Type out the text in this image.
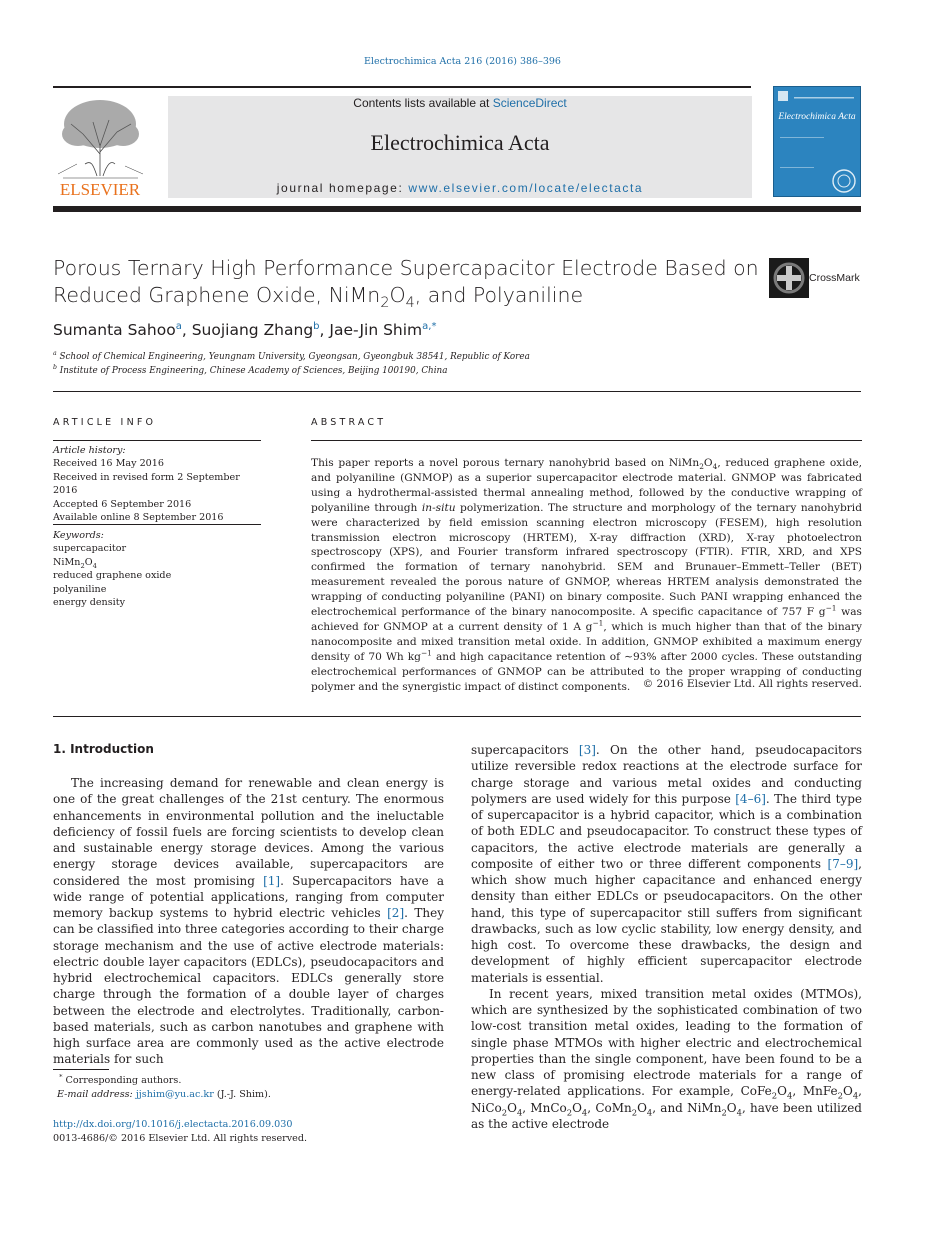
Electrochimica Acta 216 (2016) 386–396
ELSEVIER
Contents lists available at ScienceDirect
Electrochimica Acta
journal homepage: www.elsevier.com/locate/electacta
Electrochimica Acta
Porous Ternary High Performance Supercapacitor Electrode Based on
Reduced Graphene Oxide, $NiMn_2O_4$, and Polyaniline
CrossMark
Sumanta Sahoo$^a$, Suojiang Zhang$^b$, Jae-Jin Shim$^{a,*}$
$^a$ School of Chemical Engineering, Yeungnam University, Gyeongsan, Gyeongbuk 38541, Republic of Korea
$^b$ Institute of Process Engineering, Chinese Academy of Sciences, Beijing 100190, China
ARTICLE INFO
Article history:
Received 16 May 2016
Received in revised form 2 September 2016
Accepted 6 September 2016
Available online 8 September 2016
Keywords:
supercapacitor
$NiMn_2O_4$
reduced graphene oxide
polyaniline
energy density
ABSTRACT
This paper reports a novel porous ternary nanohybrid based on $NiMn_2O_4$, reduced graphene oxide, and polyaniline (GNMOP) as a superior supercapacitor electrode material. GNMOP was fabricated using a hydrothermal-assisted thermal annealing method, followed by the conductive wrapping of polyaniline through in-situ polymerization. The structure and morphology of the ternary nanohybrid were characterized by field emission scanning electron microscopy (FESEM), high resolution transmission electron microscopy (HRTEM), X-ray diffraction (XRD), X-ray photoelectron spectroscopy (XPS), and Fourier transform infrared spectroscopy (FTIR). FTIR, XRD, and XPS confirmed the formation of ternary nanohybrid. SEM and Brunauer–Emmett–Teller (BET) measurement revealed the porous nature of GNMOP, whereas HRTEM analysis demonstrated the wrapping of conducting polyaniline (PANI) on binary composite. Such PANI wrapping enhanced the electrochemical performance of the binary nanocomposite. A specific capacitance of 757 F $g^{-1}$ was achieved for GNMOP at a current density of 1 A $g^{-1}$, which is much higher than that of the binary nanocomposite and mixed transition metal oxide. In addition, GNMOP exhibited a maximum energy density of 70 Wh $kg^{-1}$ and high capacitance retention of ∼93% after 2000 cycles. These outstanding electrochemical performances of GNMOP can be attributed to the proper wrapping of conducting polymer and the synergistic impact of distinct components.	© 2016 Elsevier Ltd. All rights reserved.
1. Introduction

The increasing demand for renewable and clean energy is one of the great challenges of the 21st century. The enormous enhancements in environmental pollution and the ineluctable deficiency of fossil fuels are forcing scientists to develop clean and sustainable energy storage devices. Among the various energy storage devices available, supercapacitors are considered the most promising [1]. Supercapacitors have a wide range of potential applications, ranging from computer memory backup systems to hybrid electric vehicles [2]. They can be classified into three categories according to their charge storage mechanism and the use of active electrode materials: electric double layer capacitors (EDLCs), pseudocapacitors and hybrid electrochemical capacitors. EDLCs generally store charge through the formation of a double layer of charges between the electrode and electrolytes. Traditionally, carbon-based materials, such as carbon nanotubes and graphene with high surface area are commonly used as the active electrode materials for such

supercapacitors [3]. On the other hand, pseudocapacitors utilize reversible redox reactions at the electrode surface for charge storage and various metal oxides and conducting polymers are used widely for this purpose [4–6]. The third type of supercapacitor is a hybrid capacitor, which is a combination of both EDLC and pseudocapacitor. To construct these types of capacitors, the active electrode materials are generally a composite of either two or three different components [7–9], which show much higher capacitance and enhanced energy density than either EDLCs or pseudocapacitors. On the other hand, this type of supercapacitor still suffers from significant drawbacks, such as low cyclic stability, low energy density, and high cost. To overcome these drawbacks, the design and development of highly efficient supercapacitor electrode materials is essential.

In recent years, mixed transition metal oxides (MTMOs), which are synthesized by the sophisticated combination of two low-cost transition metal oxides, leading to the formation of single phase MTMOs with higher electric and electrochemical properties than the single component, have been found to be a new class of promising electrode materials for a range of energy-related applications. For example, $CoFe_2O_4$, $MnFe_2O_4$, $NiCo_2O_4$, $MnCo_2O_4$, $CoMn_2O_4$, and $NiMn_2O_4$, have been utilized as the active electrode

* Corresponding authors.
E-mail address: jjshim@yu.ac.kr (J.-J. Shim).
http://dx.doi.org/10.1016/j.electacta.2016.09.030
0013-4686/© 2016 Elsevier Ltd. All rights reserved.
